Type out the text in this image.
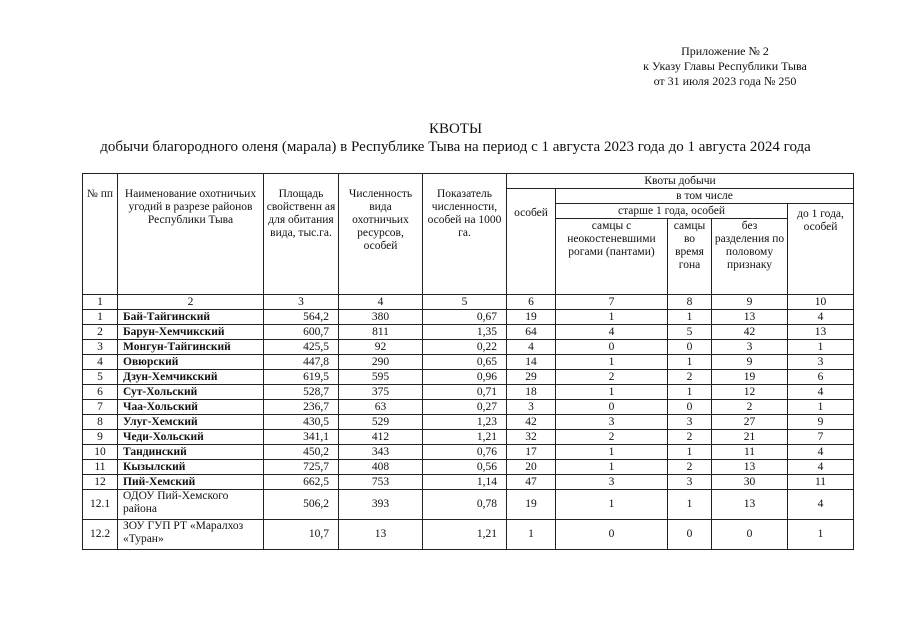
Приложение № 2
к Указу Главы Республики Тыва
от 31 июля 2023 года № 250
КВОТЫ
добычи благородного оленя (марала) в Республике Тыва на период с 1 августа 2023 года до 1 августа 2024 года
№ пп	Наименование охотничьих угодий в разрезе районов Республики Тыва	Площадь свойственн ая для обитания вида, тыс.га.	Численность вида охотничьих ресурсов, особей	Показатель численности, особей на 1000 га.	Квоты добычи				
					особей	в том числе			
						старше 1 года, особей			до 1 года, особей
						самцы с неокостеневшими рогами (пантами)	самцы во время гона	без разделения по половому признаку	
1	2	3	4	5	6	7	8	9	10
1	Бай-Тайгинский	564,2	380	0,67	19	1	1	13	4
2	Барун-Хемчикский	600,7	811	1,35	64	4	5	42	13
3	Монгун-Тайгинский	425,5	92	0,22	4	0	0	3	1
4	Овюрский	447,8	290	0,65	14	1	1	9	3
5	Дзун-Хемчикский	619,5	595	0,96	29	2	2	19	6
6	Сут-Хольский	528,7	375	0,71	18	1	1	12	4
7	Чаа-Хольский	236,7	63	0,27	3	0	0	2	1
8	Улуг-Хемский	430,5	529	1,23	42	3	3	27	9
9	Чеди-Хольский	341,1	412	1,21	32	2	2	21	7
10	Тандинский	450,2	343	0,76	17	1	1	11	4
11	Кызылский	725,7	408	0,56	20	1	2	13	4
12	Пий-Хемский	662,5	753	1,14	47	3	3	30	11
12.1	ОДОУ Пий-Хемского района	506,2	393	0,78	19	1	1	13	4
12.2	ЗОУ ГУП РТ «Маралхоз «Туран»	10,7	13	1,21	1	0	0	0	1
